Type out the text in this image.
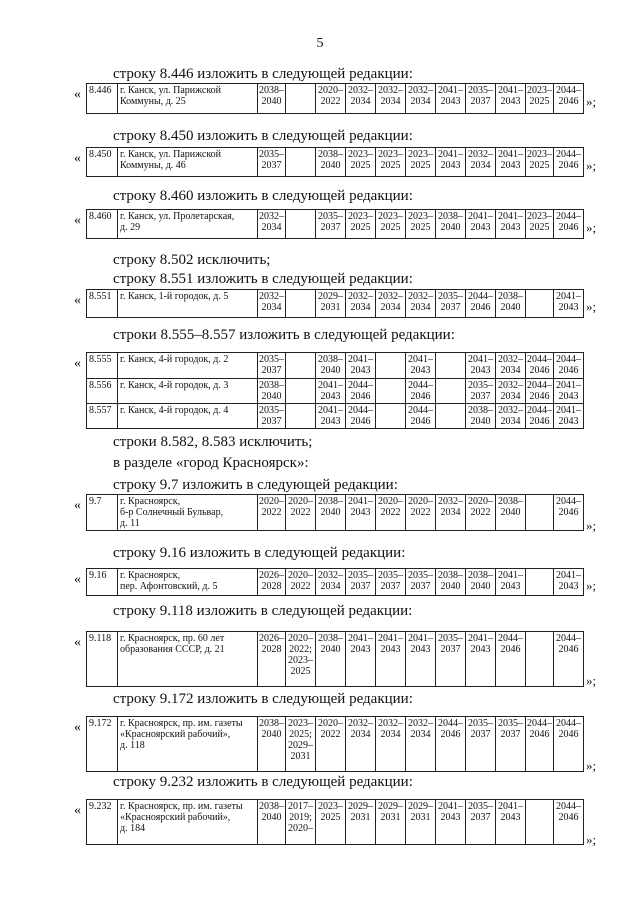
5
строку 8.446 изложить в следующей редакции:
« 8.446	г. Канск, ул. Парижской
Коммуны, д. 25	2038–
2040		2020–
2022	2032–
2034	2032–
2034	2032–
2034	2041–
2043	2035–
2037	2041–
2043	2023–
2025	2044–
2046 »;
строку 8.450 изложить в следующей редакции:
« 8.450	г. Канск, ул. Парижской
Коммуны, д. 46	2035–
2037		2038–
2040	2023–
2025	2023–
2025	2023–
2025	2041–
2043	2032–
2034	2041–
2043	2023–
2025	2044–
2046 »;
строку 8.460 изложить в следующей редакции:
« 8.460	г. Канск, ул. Пролетарская,
д. 29	2032–
2034		2035–
2037	2023–
2025	2023–
2025	2023–
2025	2038–
2040	2041–
2043	2041–
2043	2023–
2025	2044–
2046 »;
строку 8.502 исключить;
строку 8.551 изложить в следующей редакции:
« 8.551	г. Канск, 1-й городок, д. 5	2032–
2034		2029–
2031	2032–
2034	2032–
2034	2032–
2034	2035–
2037	2044–
2046	2038–
2040		2041–
2043 »;
строки 8.555–8.557 изложить в следующей редакции:
« 8.555	г. Канск, 4-й городок, д. 2	2035–
2037		2038–
2040	2041–
2043		2041–
2043		2041–
2043	2032–
2034	2044–
2046	2044–
2046
8.556	г. Канск, 4-й городок, д. 3	2038–
2040		2041–
2043	2044–
2046		2044–
2046		2035–
2037	2032–
2034	2044–
2046	2041–
2043
8.557	г. Канск, 4-й городок, д. 4	2035–
2037		2041–
2043	2044–
2046		2044–
2046		2038–
2040	2032–
2034	2044–
2046	2041–
2043
строки 8.582, 8.583 исключить;
в разделе «город Красноярск»:
строку 9.7 изложить в следующей редакции:
« 9.7	г. Красноярск,
б-р Солнечный Бульвар,
д. 11	2020–
2022	2020–
2022	2038–
2040	2041–
2043	2020–
2022	2020–
2022	2032–
2034	2020–
2022	2038–
2040		2044–
2046
»;
строку 9.16 изложить в следующей редакции:
« 9.16	г. Красноярск,
пер. Афонтовский, д. 5	2026–
2028	2020–
2022	2032–
2034	2035–
2037	2035–
2037	2035–
2037	2038–
2040	2038–
2040	2041–
2043		2041–
2043 »;
строку 9.118 изложить в следующей редакции:
« 9.118	г. Красноярск, пр. 60 лет
образования СССР, д. 21	2026–
2028	2020–
2022;
2023–
2025	2038–
2040	2041–
2043	2041–
2043	2041–
2043	2035–
2037	2041–
2043	2044–
2046		2044–
2046
»;
строку 9.172 изложить в следующей редакции:
« 9.172	г. Красноярск, пр. им. газеты
«Красноярский рабочий»,
д. 118	2038–
2040	2023–
2025;
2029–
2031	2020–
2022	2032–
2034	2032–
2034	2032–
2034	2044–
2046	2035–
2037	2035–
2037	2044–
2046	2044–
2046
»;
строку 9.232 изложить в следующей редакции:
« 9.232	г. Красноярск, пр. им. газеты
«Красноярский рабочий»,
д. 184	2038–
2040	2017–
2019;
2020–	2023–
2025	2029–
2031	2029–
2031	2029–
2031	2041–
2043	2035–
2037	2041–
2043		2044–
2046
»;
